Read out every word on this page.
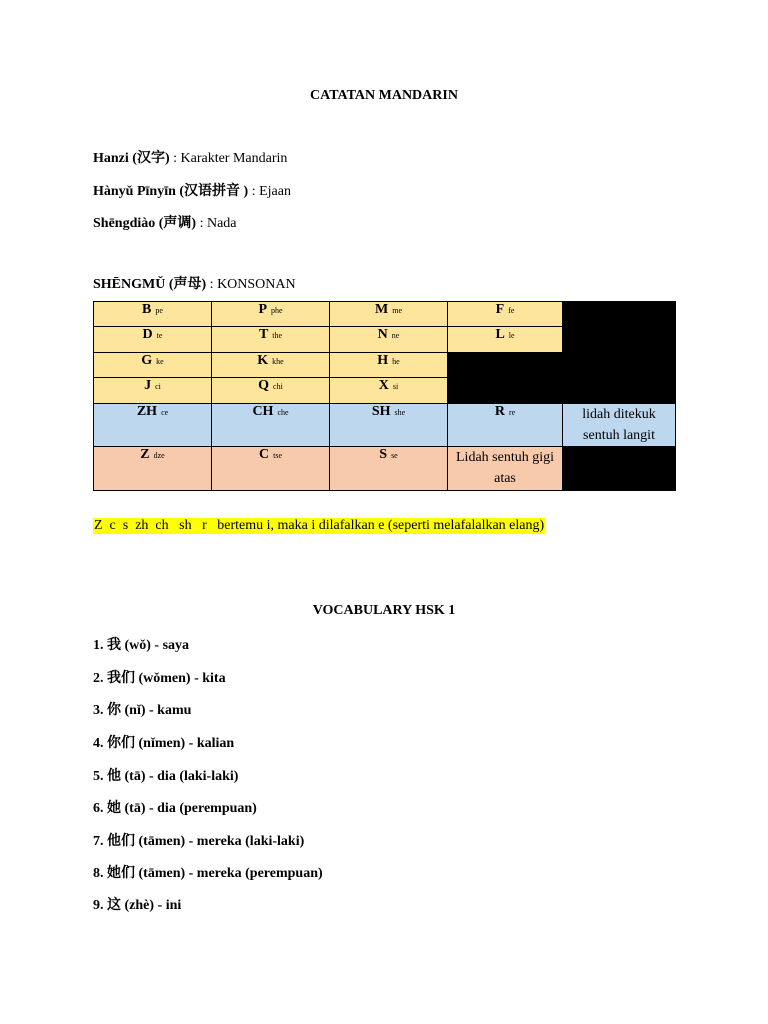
CATATAN MANDARIN
Hanzi (汉字) : Karakter Mandarin
Hànyǔ Pīnyīn (汉语拼音 ) : Ejaan
Shēngdiào (声调) : Nada
SHĒNGMǓ (声母) : KONSONAN
B pe	P phe	M me	F fe	
D te	T the	N ne	L le	
G ke	K khe	H he		
J ci	Q chi	X si		
ZH ce	CH che	SH she	R re	lidah ditekuk sentuh langit
Z dze	C tse	S se	Lidah sentuh gigi atas	
Z  c  s  zh  ch   sh   r   bertemu i, maka i dilafalkan e (seperti melafalalkan elang)
VOCABULARY HSK 1
1. 我 (wǒ) - saya
2. 我们 (wǒmen) - kita
3. 你 (nǐ) - kamu
4. 你们 (nǐmen) - kalian
5. 他 (tā) - dia (laki-laki)
6. 她 (tā) - dia (perempuan)
7. 他们 (tāmen) - mereka (laki-laki)
8. 她们 (tāmen) - mereka (perempuan)
9. 这 (zhè) - ini
